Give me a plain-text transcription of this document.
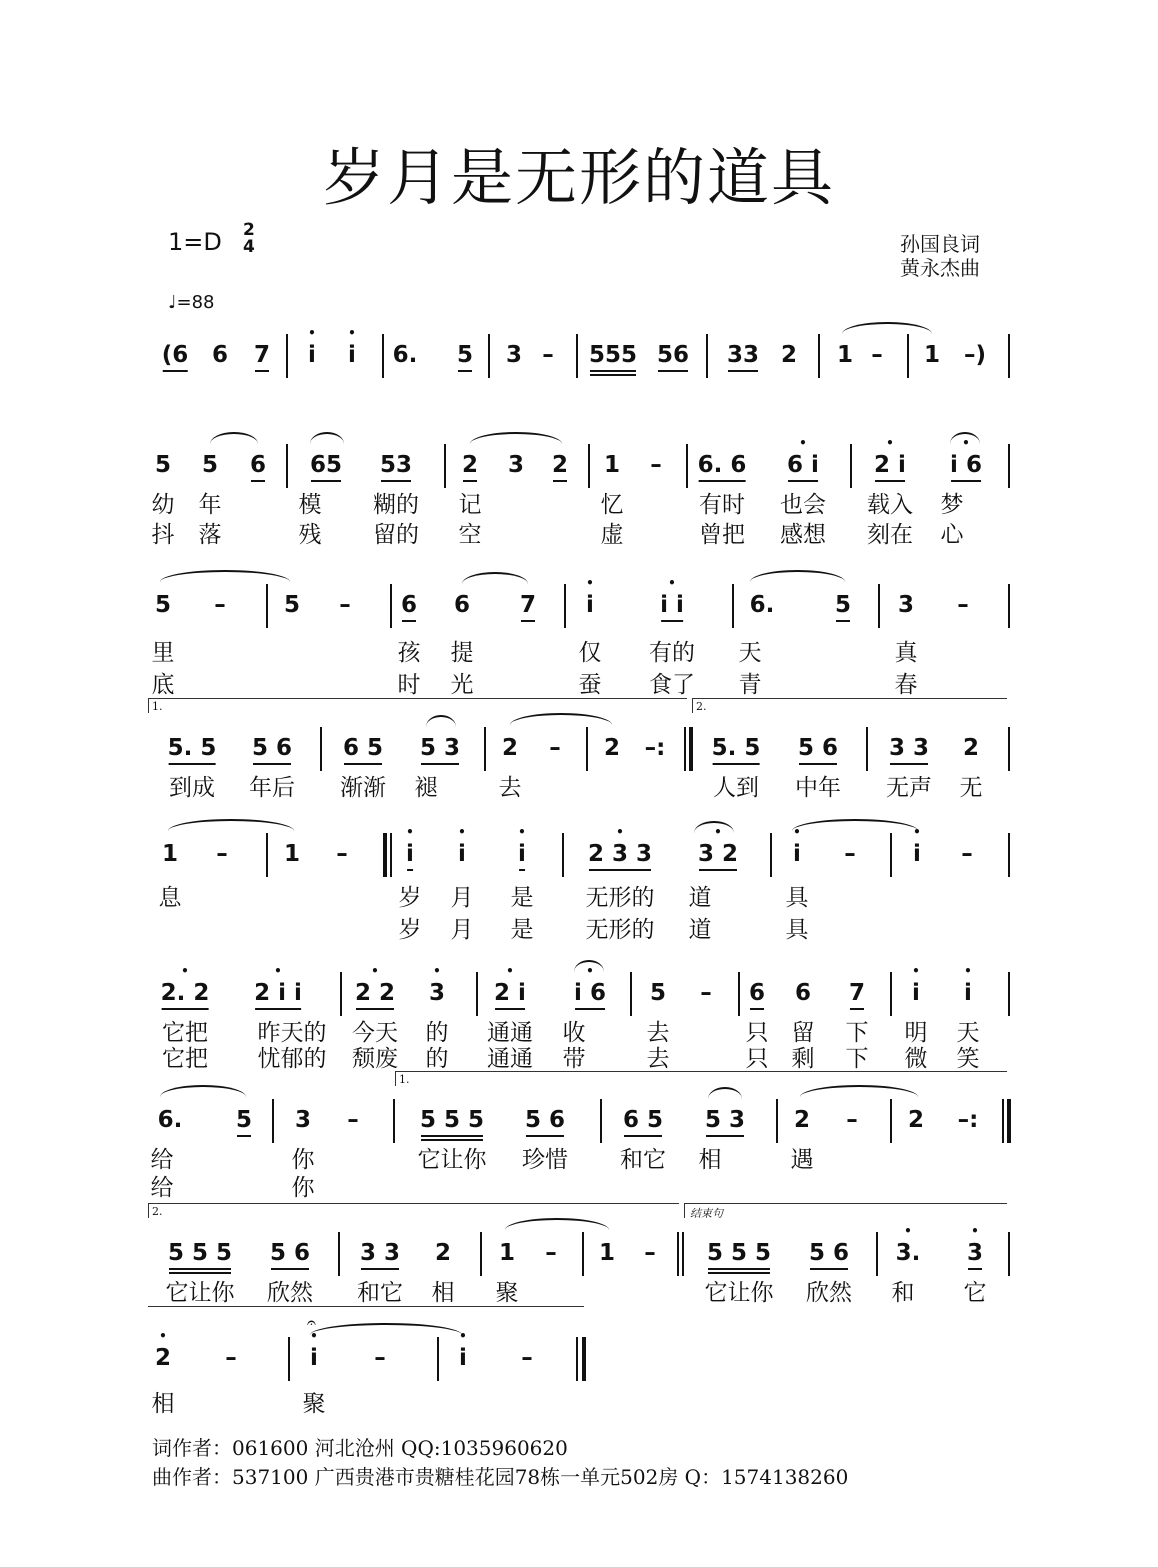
岁月是无形的道具
1=D 2
4
♩=88
孙国良词
黄永杰曲
(6 6 7 • i • i 6. 5 3 – 555 56 33 2 1 – 1 –)
5 5 6 65 53 2 3 2 1 – 6. 6 • 6 i • 2 i • i 6
幼 年	模 糊的 记	忆	有时 也会 载入 梦
抖 落	残 留的 空	虚	曾把 感想 刻在 心
5 –	5 – 6 6 7 • i	• i i	6.	5 3 –
里	孩 提	仅 有的 天	真
底	时 光	蚕 食了 青	春
1.	2.
5. 5 5 6 6 5 5 3 2 – 2 –: 5. 5 5 6 3 3 2
到成 年后 渐渐 褪	去	人到 中年 无声 无
1 – 1 –	• i • i • i	• 2 3 3 • 3 2 • i – • i –
息	岁 月 是 无形的 道	具
岁 月 是 无形的 道	具
• 2. 2 • 2 i i • 2 2 • 3 • 2 i • i 6 5 – 6 6 7 • i • i
它把 昨天的 今天 的 通通 收	去	只 留 下 明 天
它把 忧郁的 颓废 的 通通 带	去	只 剩 下 微 笑
1.
6. 5 3 –	5 5 5 5 6	6 5 5 3 2 – 2 –:
给	你	它让你 珍惜 和它 相	遇
给	你
2.	结束句
5 5 5 5 6 3 3 2 1 – 1 – 5 5 5 5 6 • 3. • 3
它让你 欣然 和它 相 聚	它让你 欣然 和 它
• 2 –
𝄐
• i –	• i –
相	聚
词作者：061600 河北沧州 QQ:1035960620
曲作者：537100 广西贵港市贵糖桂花园78栋一单元502房 Q：1574138260
